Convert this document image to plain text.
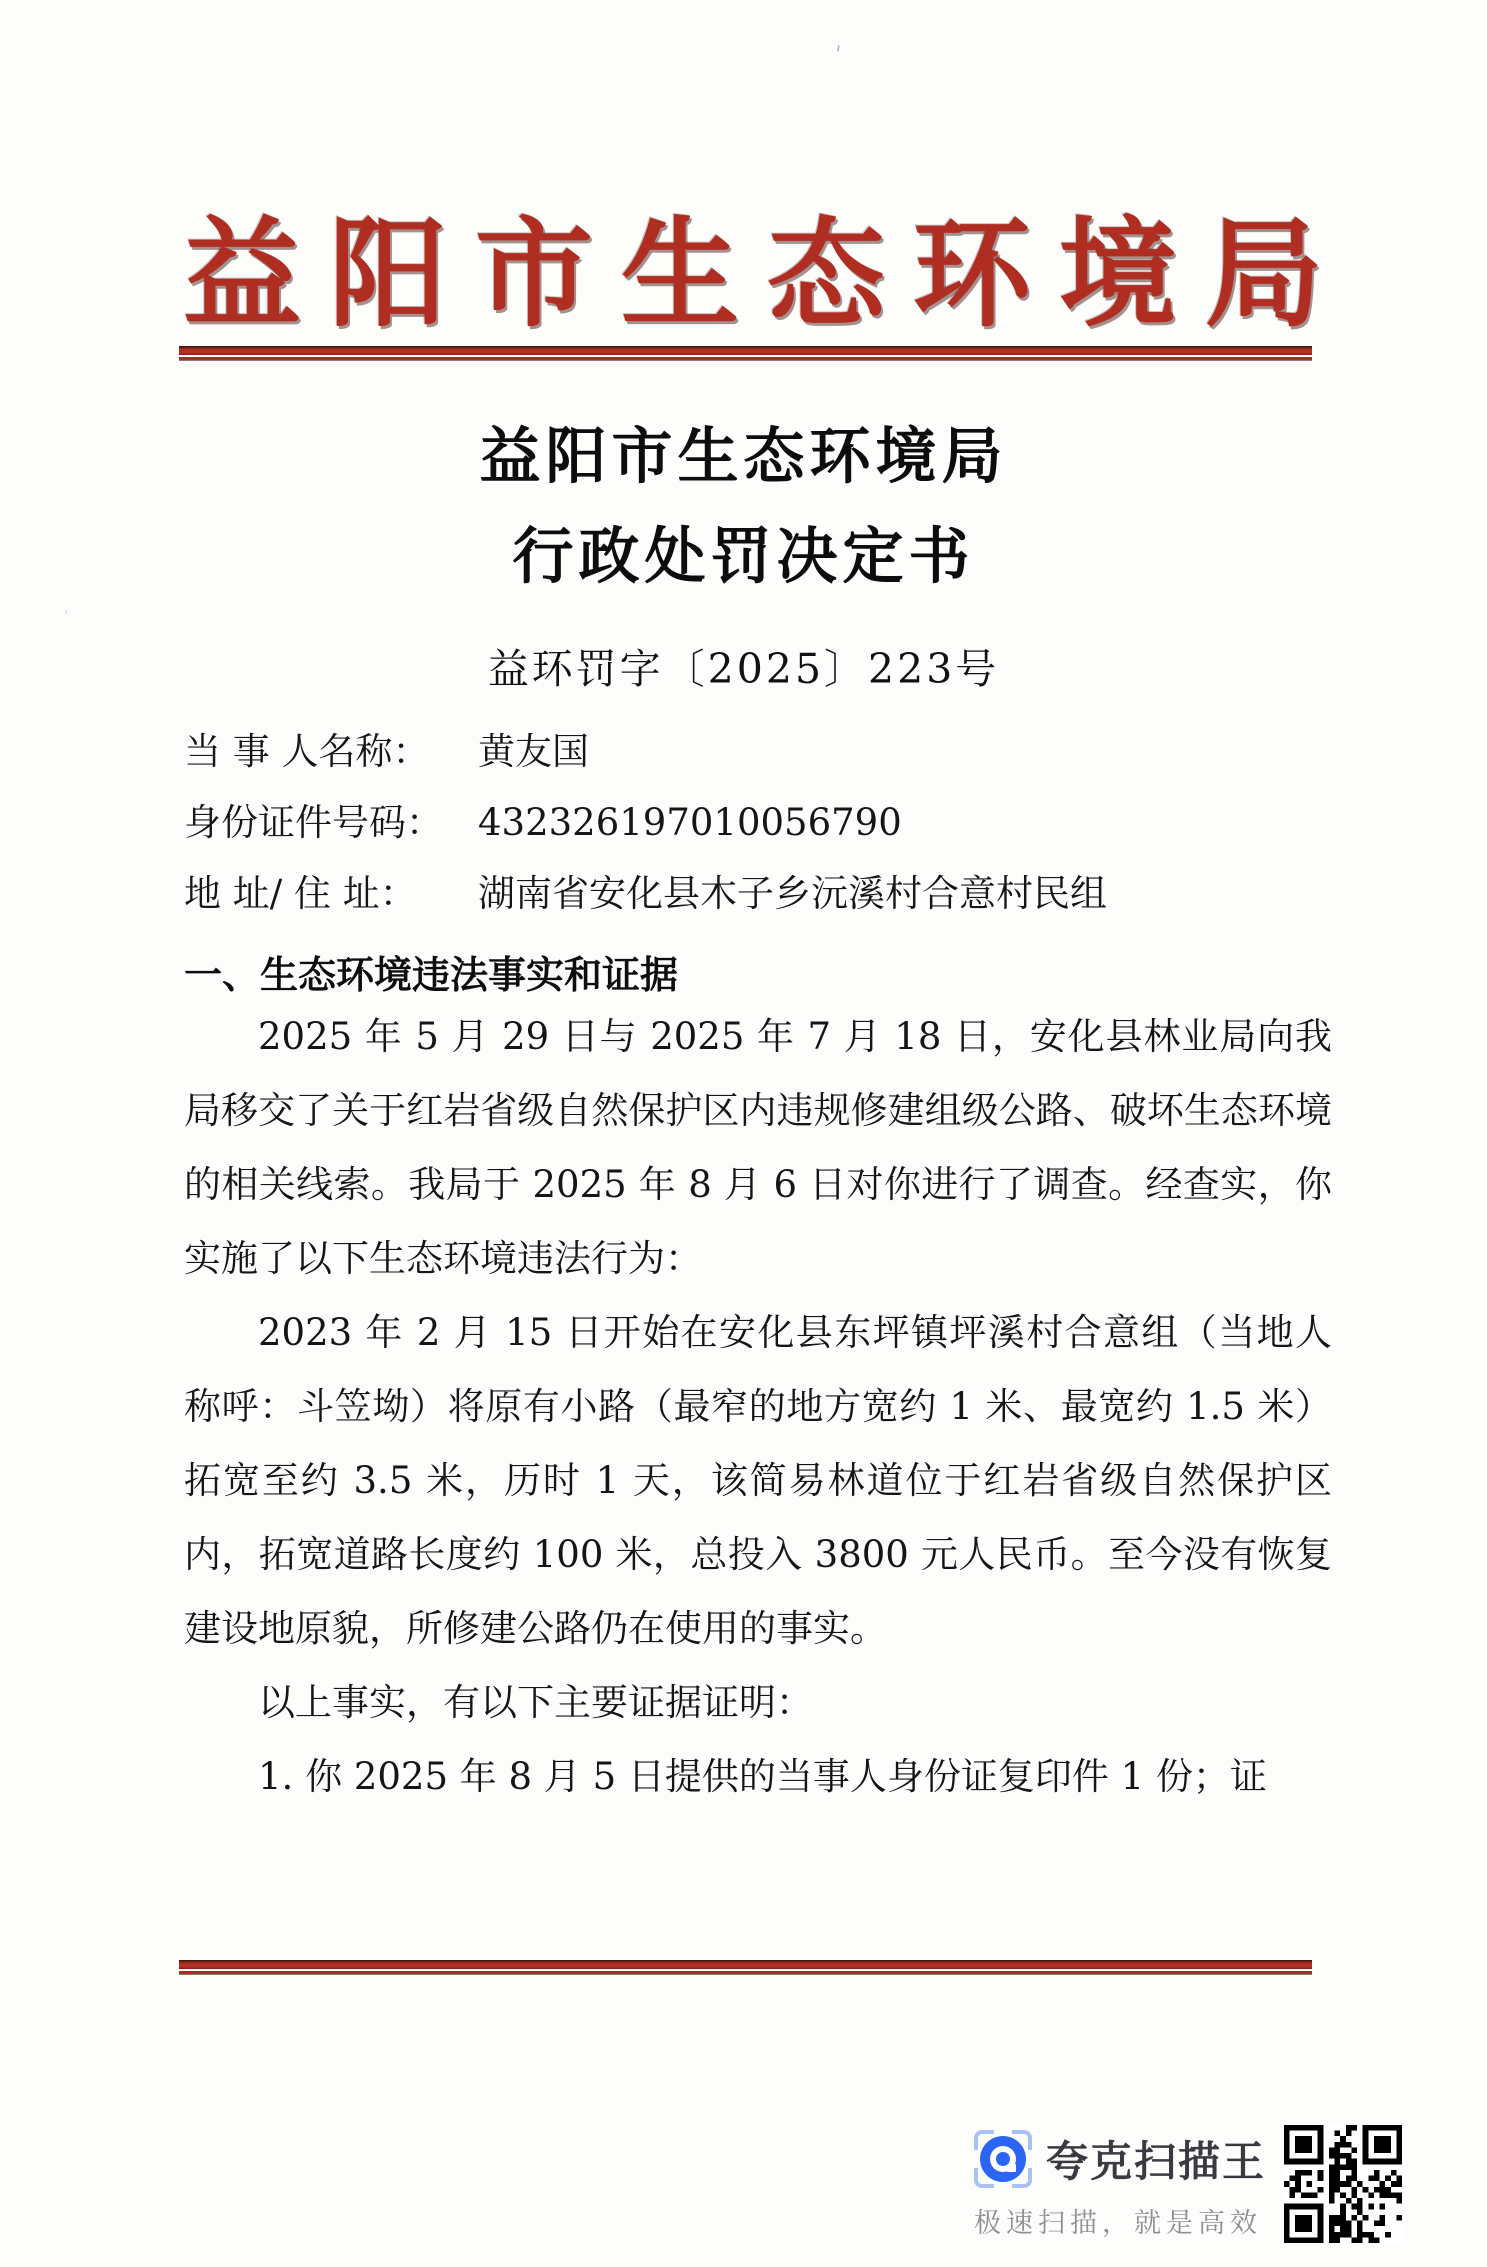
'
‚
益 阳 市 生 态 环 境 局
益阳市生态环境局
行政处罚决定书
益环罚字〔2025〕223号
当 事 人名称：	黄友国
身份证件号码： 432326197010056790
地 址/ 住 址：	湖南省安化县木子乡沅溪村合意村民组
一、生态环境违法事实和证据
2025 年 5 月 29 日与 2025 年 7 月 18 日，安化县林业局向我局移交了关于红岩省级自然保护区内违规修建组级公路、破坏生态环境的相关线索。我局于 2025 年 8 月 6 日对你进行了调查。经查实，你实施了以下生态环境违法行为：
2023 年 2 月 15 日开始在安化县东坪镇坪溪村合意组（当地人称呼：斗笠坳）将原有小路（最窄的地方宽约 1 米、最宽约 1.5 米）拓宽至约 3.5 米，历时 1 天，该简易林道位于红岩省级自然保护区内，拓宽道路长度约 100 米，总投入 3800 元人民币。至今没有恢复建设地原貌，所修建公路仍在使用的事实。
以上事实，有以下主要证据证明：
1. 你 2025 年 8 月 5 日提供的当事人身份证复印件 1 份；证
夸克扫描王
极速扫描，就是高效
